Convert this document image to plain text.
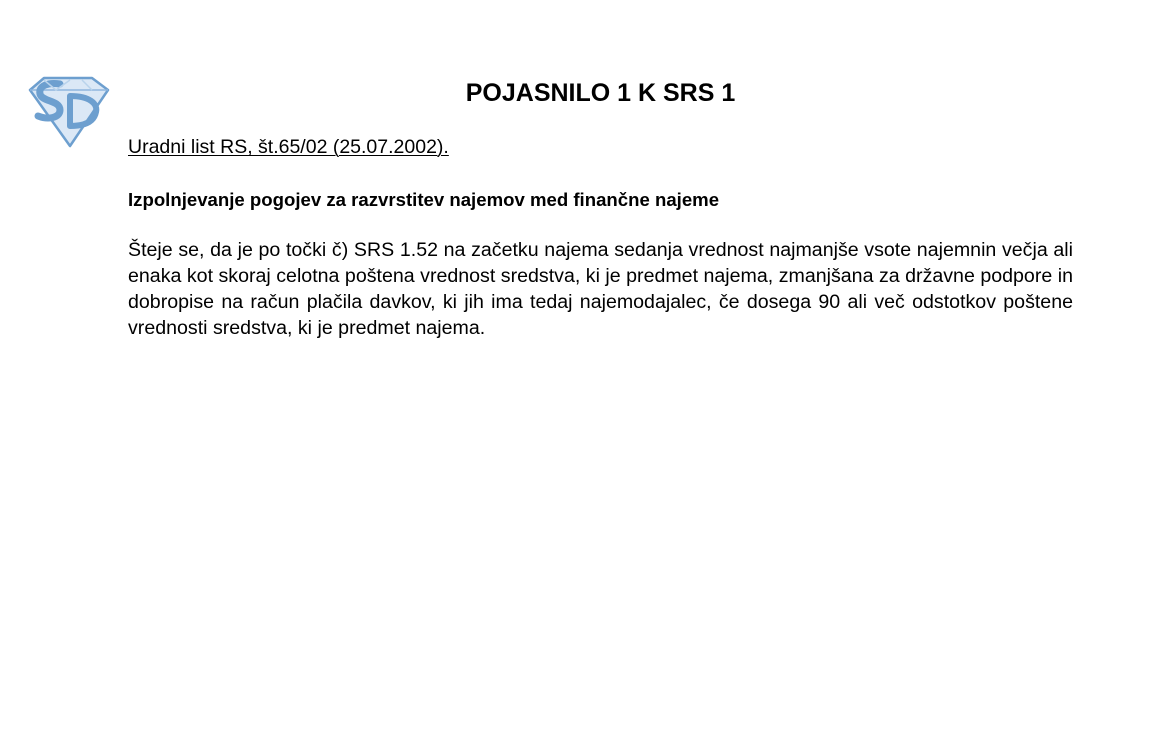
POJASNILO 1 K SRS 1

Uradni list RS, št.65/02 (25.07.2002).

Izpolnjevanje pogojev za razvrstitev najemov med finančne najeme

Šteje se, da je po točki č) SRS 1.52 na začetku najema sedanja vrednost najmanjše vsote najemnin večja ali enaka kot skoraj celotna poštena vrednost sredstva, ki je predmet najema, zmanjšana za državne podpore in dobropise na račun plačila davkov, ki jih ima tedaj najemodajalec, če dosega 90 ali več odstotkov poštene vrednosti sredstva, ki je predmet najema.
